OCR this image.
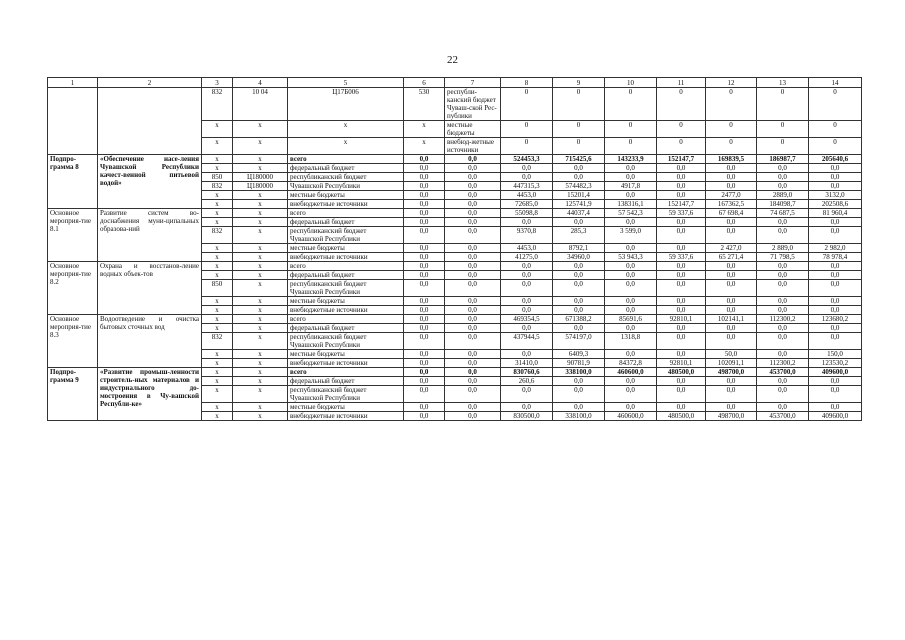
22
1	2	3	4	5	6	7	8	9	10	11	12	13	14
		832	10 04	Ц17Б006	530	республи-канский бюджет Чуваш-ской Рес-публики	0	0	0	0	0	0	0
		x	x	x	x	местные бюджеты	0	0	0	0	0	0	0
		x	x	x	x	внебюд-жетные источники	0	0	0	0	0	0	0
Подпро-грамма 8	«Обеспечение насе-ления Чувашской Республики качест-венной питьевой водой»	x	x	всего	0,0	0,0	524453,3	715425,6	143233,9	152147,7	169839,5	186987,7	205640,6
		x	x	федеральный бюджет	0,0	0,0	0,0	0,0	0,0	0,0	0,0	0,0	0,0
		850	Ц180000	республиканский бюджет	0,0	0,0	0,0	0,0	0,0	0,0	0,0	0,0	0,0
		832	Ц180000	Чувашской Республики	0,0	0,0	447315,3	574482,3	4917,8	0,0	0,0	0,0	0,0
		x	x	местные бюджеты	0,0	0,0	4453,0	15201,4	0,0	0,0	2477,0	2889,0	3132,0
		x	x	внебюджетные источники	0,0	0,0	72685,0	125741,9	138316,1	152147,7	167362,5	184098,7	202508,6
Основное мероприя-тие 8.1	Развитие систем во-доснабжения муни-ципальных образова-ний	x	x	всего	0,0	0,0	55098,8	44037,4	57 542,3	59 337,6	67 698,4	74 687,5	81 960,4
		x	x	федеральный бюджет	0,0	0,0	0,0	0,0	0,0	0,0	0,0	0,0	0,0
		832	x	республиканский бюджет Чувашской Республики	0,0	0,0	9370,8	285,3	3 599,0	0,0	0,0	0,0	0,0
		x	x	местные бюджеты	0,0	0,0	4453,0	8792,1	0,0	0,0	2 427,0	2 889,0	2 982,0
		x	x	внебюджетные источники	0,0	0,0	41275,0	34960,0	53 943,3	59 337,6	65 271,4	71 798,5	78 978,4
Основное мероприя-тие 8.2	Охрана и восстанов-ление водных объек-тов	x	x	всего	0,0	0,0	0,0	0,0	0,0	0,0	0,0	0,0	0,0
		x	x	федеральный бюджет	0,0	0,0	0,0	0,0	0,0	0,0	0,0	0,0	0,0
		850	x	республиканский бюджет Чувашской Республики	0,0	0,0	0,0	0,0	0,0	0,0	0,0	0,0	0,0
		x	x	местные бюджеты	0,0	0,0	0,0	0,0	0,0	0,0	0,0	0,0	0,0
		x	x	внебюджетные источники	0,0	0,0	0,0	0,0	0,0	0,0	0,0	0,0	0,0
Основное мероприя-тие 8.3	Водоотведение и очистка бытовых сточных вод	x	x	всего	0,0	0,0	469354,5	671388,2	85691,6	92810,1	102141,1	112300,2	123680,2
		x	x	федеральный бюджет	0,0	0,0	0,0	0,0	0,0	0,0	0,0	0,0	0,0
		832	x	республиканский бюджет Чувашской Республики	0,0	0,0	437944,5	574197,0	1318,8	0,0	0,0	0,0	0,0
		x	x	местные бюджеты	0,0	0,0	0,0	6409,3	0,0	0,0	50,0	0,0	150,0
		x	x	внебюджетные источники	0,0	0,0	31410,0	90781,9	84372,8	92810,1	102091,1	112300,2	123530,2
Подпро-грамма 9	«Развитие промыш-ленности строитель-ных материалов и индустриального до-мостроения в Чу-вашской Республи-ке»	x	x	всего	0,0	0,0	830760,6	338100,0	460600,0	480500,0	498700,0	453700,0	409600,0
		x	x	федеральный бюджет	0,0	0,0	260,6	0,0	0,0	0,0	0,0	0,0	0,0
		x	x	республиканский бюджет Чувашской Республики	0,0	0,0	0,0	0,0	0,0	0,0	0,0	0,0	0,0
		x	x	местные бюджеты	0,0	0,0	0,0	0,0	0,0	0,0	0,0	0,0	0,0
		x	x	внебюджетные источники	0,0	0,0	830500,0	338100,0	460600,0	480500,0	498700,0	453700,0	409600,0
